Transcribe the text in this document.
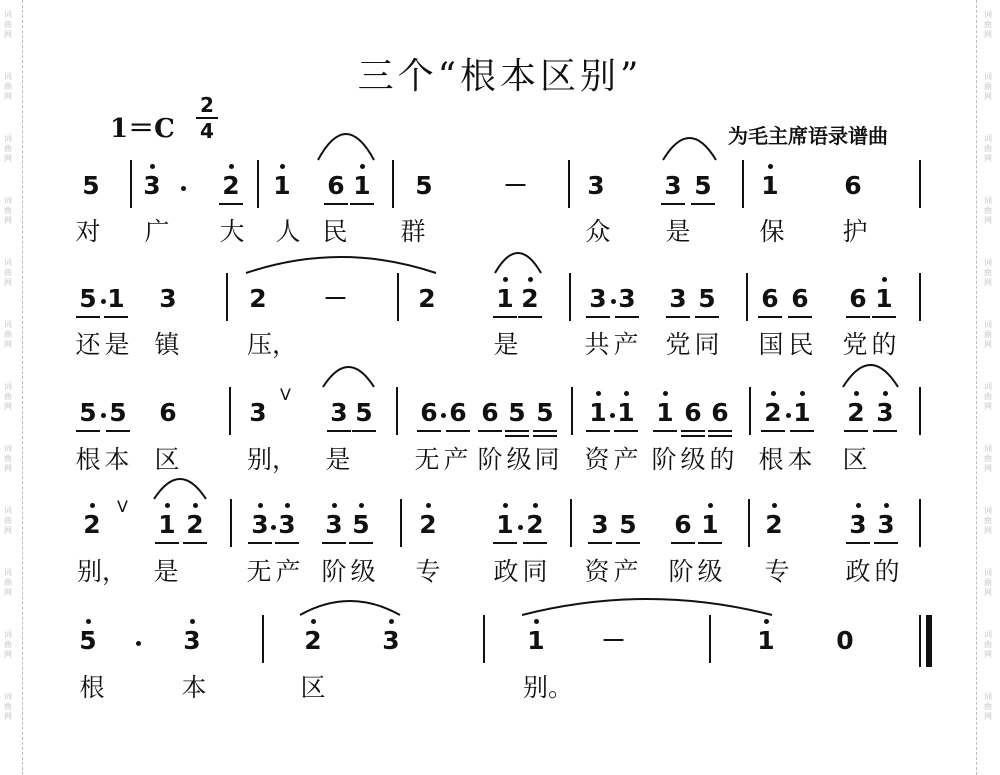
词
曲
网
词
曲
网
词
曲
网
词
曲
网
词
曲
网
词
曲
网
词
曲
网
词
曲
网
词
曲
网
词
曲
网
词
曲
网
词
曲
网
词
曲
网
词
曲
网
词
曲
网
词
曲
网
词
曲
网
词
曲
网
词
曲
网
词
曲
网
词
曲
网
词
曲
网
词
曲
网
词
曲
网
三个“根本区别”
1＝C
2
4	为毛主席语录谱曲
5 3 2 1 6 1 5	3 3 5 1	6
5 1 3	2	2 1 2 3 3 3 5 6 6 6 1
5 5 6	3	3 5 6 6 6 5 5 1 1 1 6 6 2 1 2 3
2 1 2 3 3 3 5 2 1 2 3 5 6 1 2	3 3
5	3	2 3	1	1 0
－
－
－
对 广 大 人 民 群	众 是	保 护
还 是 镇	压，	是	共 产 党 同 国 民 党 的
根 本 区	别， 是	无 产 阶 级 同 资 产 阶 级 的 根 本 区
别， 是	无 产 阶 级 专 政 同 资 产 阶 级 专 政 的
根	本	区	别。
V
V
